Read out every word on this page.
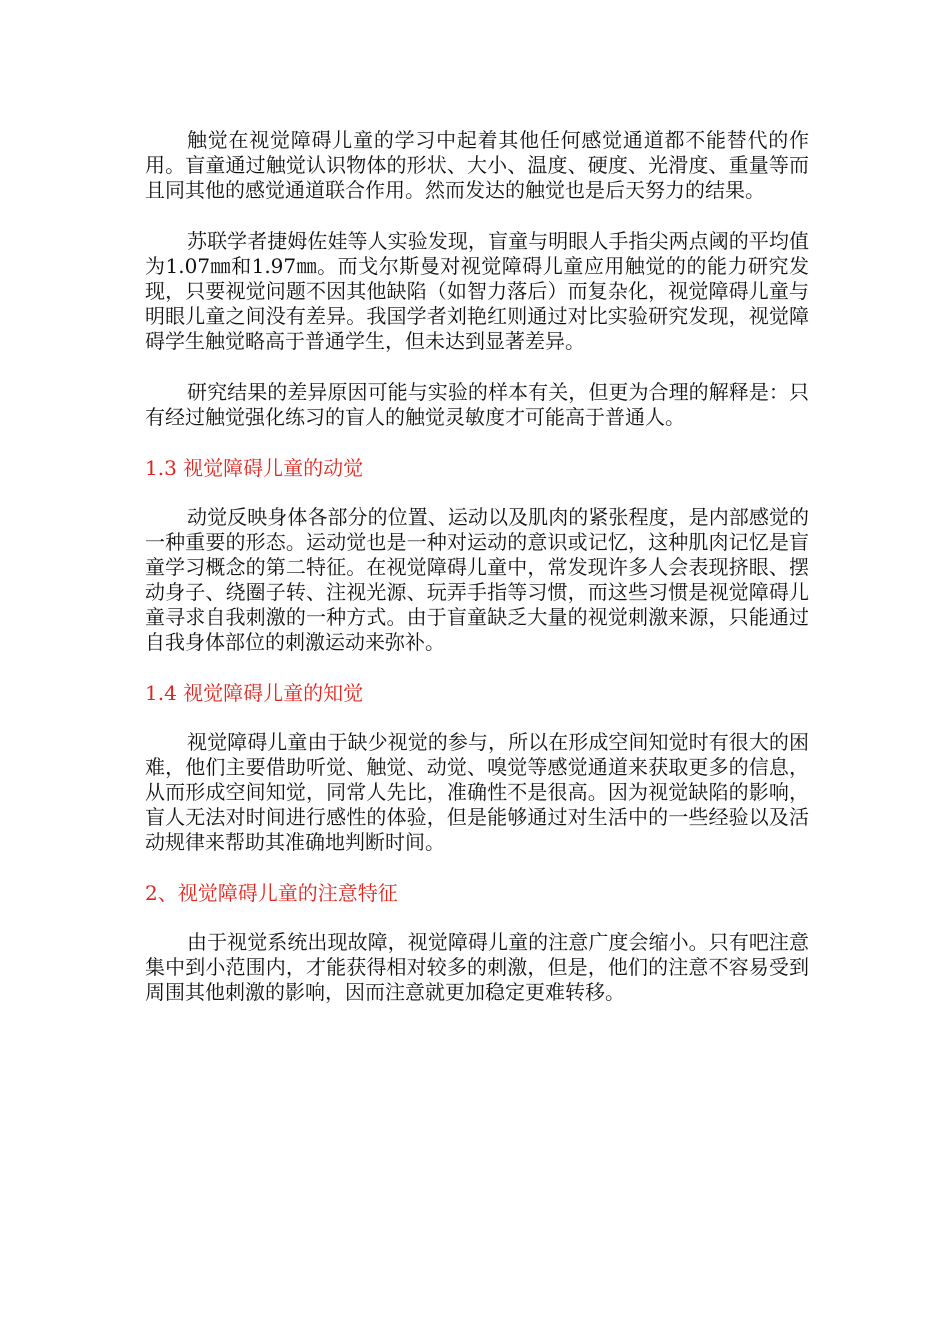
触觉在视觉障碍儿童的学习中起着其他任何感觉通道都不能替代的作用。盲童通过触觉认识物体的形状、大小、温度、硬度、光滑度、重量等而且同其他的感觉通道联合作用。然而发达的触觉也是后天努力的结果。

苏联学者捷姆佐娃等人实验发现，盲童与明眼人手指尖两点阈的平均值为1.07㎜和1.97㎜。而戈尔斯曼对视觉障碍儿童应用触觉的的能力研究发现，只要视觉问题不因其他缺陷（如智力落后）而复杂化，视觉障碍儿童与明眼儿童之间没有差异。我国学者刘艳红则通过对比实验研究发现，视觉障碍学生触觉略高于普通学生，但未达到显著差异。

研究结果的差异原因可能与实验的样本有关，但更为合理的解释是：只有经过触觉强化练习的盲人的触觉灵敏度才可能高于普通人。

1.3 视觉障碍儿童的动觉

动觉反映身体各部分的位置、运动以及肌肉的紧张程度，是内部感觉的一种重要的形态。运动觉也是一种对运动的意识或记忆，这种肌肉记忆是盲童学习概念的第二特征。在视觉障碍儿童中，常发现许多人会表现挤眼、摆动身子、绕圈子转、注视光源、玩弄手指等习惯，而这些习惯是视觉障碍儿童寻求自我刺激的一种方式。由于盲童缺乏大量的视觉刺激来源，只能通过自我身体部位的刺激运动来弥补。

1.4 视觉障碍儿童的知觉

视觉障碍儿童由于缺少视觉的参与，所以在形成空间知觉时有很大的困难，他们主要借助听觉、触觉、动觉、嗅觉等感觉通道来获取更多的信息，从而形成空间知觉，同常人先比，准确性不是很高。因为视觉缺陷的影响，盲人无法对时间进行感性的体验，但是能够通过对生活中的一些经验以及活动规律来帮助其准确地判断时间。

2、视觉障碍儿童的注意特征

由于视觉系统出现故障，视觉障碍儿童的注意广度会缩小。只有吧注意集中到小范围内，才能获得相对较多的刺激，但是，他们的注意不容易受到周围其他刺激的影响，因而注意就更加稳定更难转移。
